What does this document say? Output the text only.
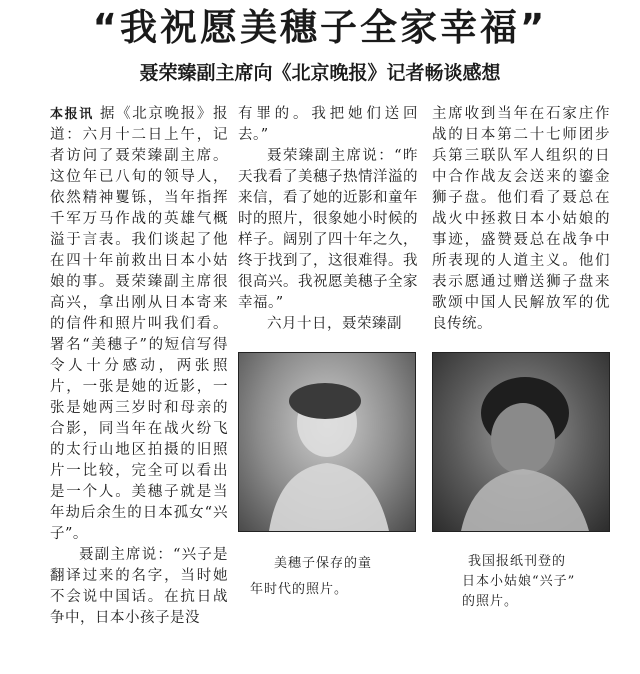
“我祝愿美穗子全家幸福”
聂荣臻副主席向《北京晚报》记者畅谈感想

本报讯 据《北京晚报》报道：六月十二日上午，记者访问了聂荣臻副主席。这位年已八旬的领导人，依然精神矍铄，当年指挥千军万马作战的英雄气概溢于言表。我们谈起了他在四十年前救出日本小姑娘的事。聂荣臻副主席很高兴，拿出刚从日本寄来的信件和照片叫我们看。署名“美穗子”的短信写得令人十分感动，两张照片，一张是她的近影，一张是她两三岁时和母亲的合影，同当年在战火纷飞的太行山地区拍摄的旧照片一比较，完全可以看出是一个人。美穗子就是当年劫后余生的日本孤女“兴子”。

聂副主席说：“兴子是翻译过来的名字，当时她不会说中国话。在抗日战争中，日本小孩子是没

有罪的。我把她们送回去。”

聂荣臻副主席说：“昨天我看了美穗子热情洋溢的来信，看了她的近影和童年时的照片，很象她小时候的样子。阔别了四十年之久，终于找到了，这很难得。我很高兴。我祝愿美穗子全家幸福。”

六月十日，聂荣臻副

主席收到当年在石家庄作战的日本第二十七师团步兵第三联队军人组织的日中合作战友会送来的鎏金狮子盘。他们看了聂总在战火中拯救日本小姑娘的事迹，盛赞聂总在战争中所表现的人道主义。他们表示愿通过赠送狮子盘来歌颂中国人民解放军的优良传统。

美穗子保存的童
年时代的照片。
我国报纸刊登的
日本小姑娘“兴子”
的照片。
